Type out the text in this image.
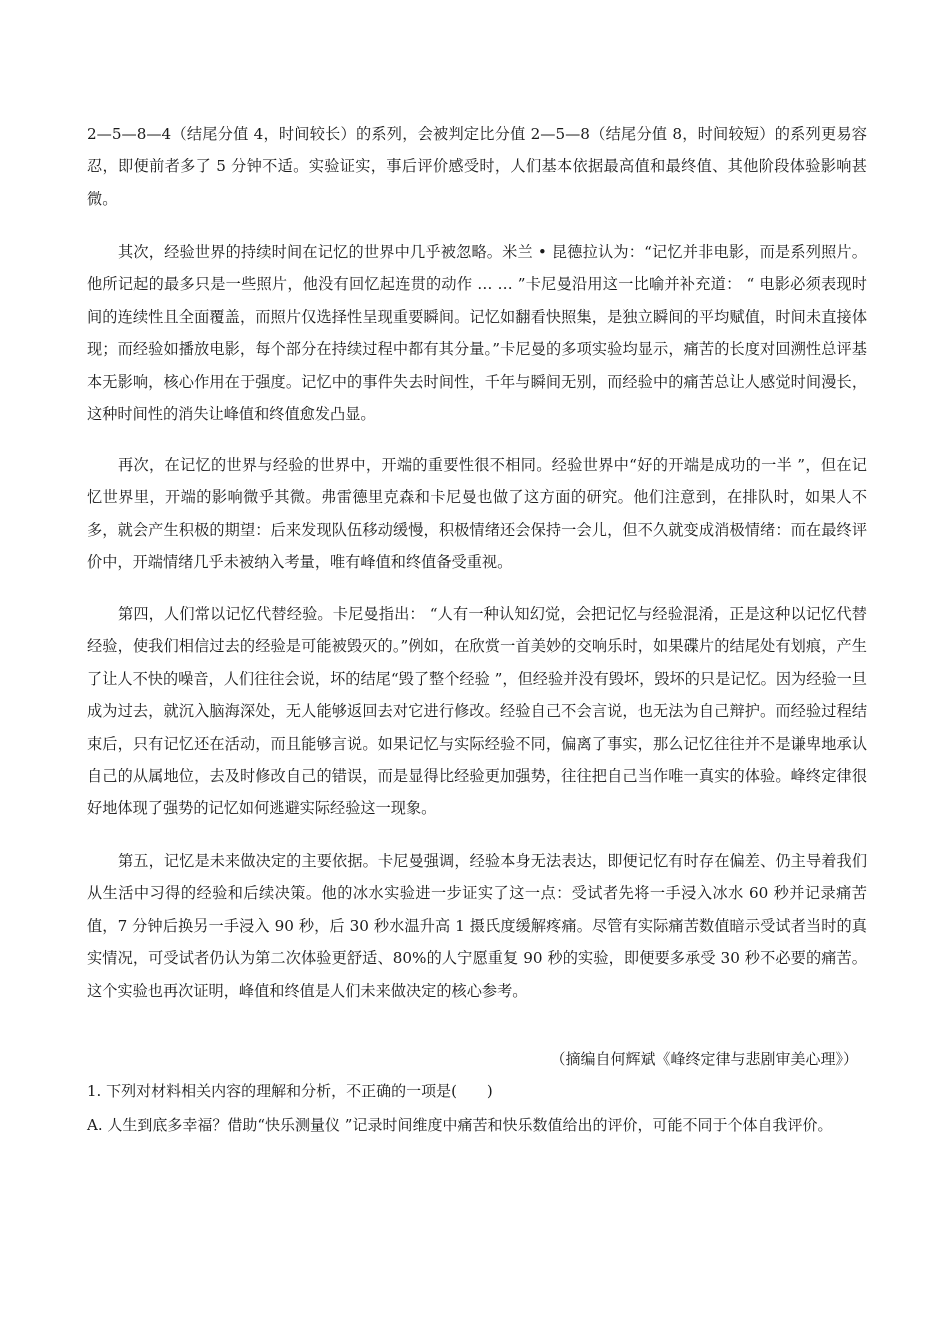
2—5—8—4（结尾分值 4，时间较长）的系列，会被判定比分值 2—5—8（结尾分值 8，时间较短）的系列更易容忍，即便前者多了 5 分钟不适。实验证实，事后评价感受时，人们基本依据最高值和最终值、其他阶段体验影响甚微。

其次，经验世界的持续时间在记忆的世界中几乎被忽略。米兰 • 昆德拉认为：“记忆并非电影，而是系列照片。他所记起的最多只是一些照片，他没有回忆起连贯的动作 … … ”卡尼曼沿用这一比喻并补充道： “ 电影必须表现时间的连续性且全面覆盖，而照片仅选择性呈现重要瞬间。记忆如翻看快照集，是独立瞬间的平均赋值，时间未直接体现；而经验如播放电影，每个部分在持续过程中都有其分量。”卡尼曼的多项实验均显示，痛苦的长度对回溯性总评基本无影响，核心作用在于强度。记忆中的事件失去时间性，千年与瞬间无别，而经验中的痛苦总让人感觉时间漫长，这种时间性的消失让峰值和终值愈发凸显。

再次，在记忆的世界与经验的世界中，开端的重要性很不相同。经验世界中“好的开端是成功的一半 ”，但在记忆世界里，开端的影响微乎其微。弗雷德里克森和卡尼曼也做了这方面的研究。他们注意到，在排队时，如果人不多，就会产生积极的期望：后来发现队伍移动缓慢，积极情绪还会保持一会儿，但不久就变成消极情绪：而在最终评价中，开端情绪几乎未被纳入考量，唯有峰值和终值备受重视。

第四，人们常以记忆代替经验。卡尼曼指出： “人有一种认知幻觉，会把记忆与经验混淆，正是这种以记忆代替经验，使我们相信过去的经验是可能被毁灭的。”例如，在欣赏一首美妙的交响乐时，如果碟片的结尾处有划痕，产生了让人不快的噪音，人们往往会说，坏的结尾“毁了整个经验 ”，但经验并没有毁坏，毁坏的只是记忆。因为经验一旦成为过去，就沉入脑海深处，无人能够返回去对它进行修改。经验自己不会言说，也无法为自己辩护。而经验过程结束后，只有记忆还在活动，而且能够言说。如果记忆与实际经验不同，偏离了事实，那么记忆往往并不是谦卑地承认自己的从属地位，去及时修改自己的错误，而是显得比经验更加强势，往往把自己当作唯一真实的体验。峰终定律很好地体现了强势的记忆如何逃避实际经验这一现象。

第五，记忆是未来做决定的主要依据。卡尼曼强调，经验本身无法表达，即便记忆有时存在偏差、仍主导着我们从生活中习得的经验和后续决策。他的冰水实验进一步证实了这一点：受试者先将一手浸入冰水 60 秒并记录痛苦值，7 分钟后换另一手浸入 90 秒，后 30 秒水温升高 1 摄氏度缓解疼痛。尽管有实际痛苦数值暗示受试者当时的真实情况，可受试者仍认为第二次体验更舒适、80%的人宁愿重复 90 秒的实验，即便要多承受 30 秒不必要的痛苦。这个实验也再次证明，峰值和终值是人们未来做决定的核心参考。

（摘编自何辉斌《峰终定律与悲剧审美心理》）

1. 下列对材料相关内容的理解和分析，不正确的一项是(　　)

A. 人生到底多幸福？借助“快乐测量仪 ”记录时间维度中痛苦和快乐数值给出的评价，可能不同于个体自我评价。
